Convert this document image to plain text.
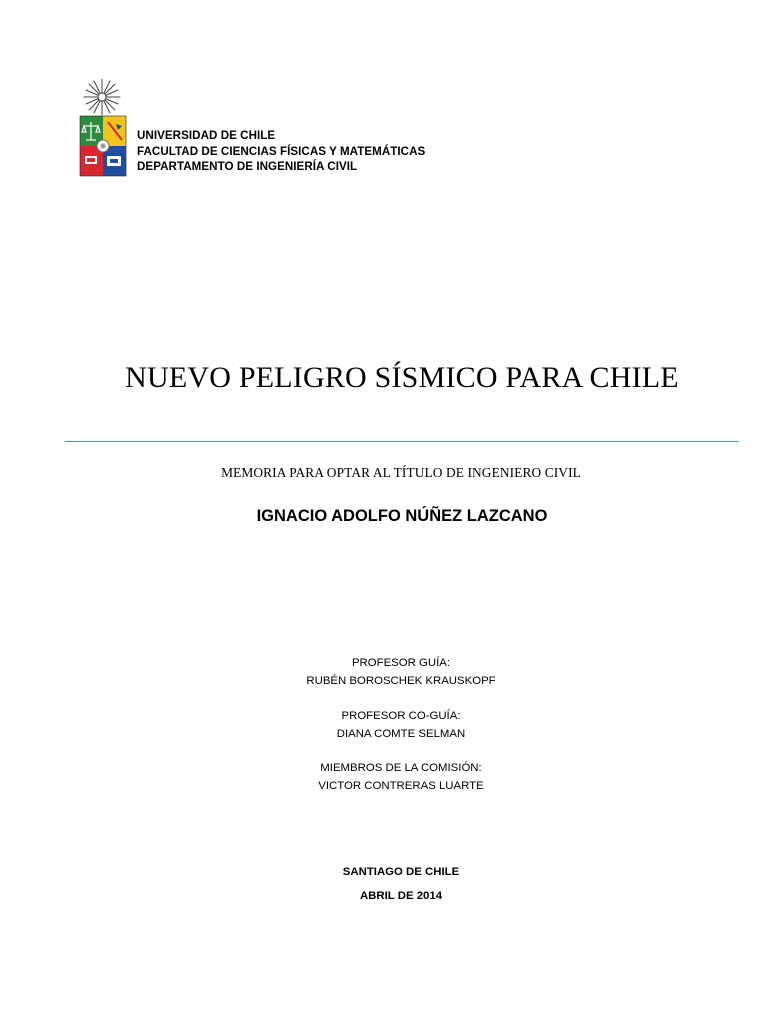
UNIVERSIDAD DE CHILE
FACULTAD DE CIENCIAS FÍSICAS Y MATEMÁTICAS
DEPARTAMENTO DE INGENIERÍA CIVIL
NUEVO PELIGRO SÍSMICO PARA CHILE
MEMORIA PARA OPTAR AL TÍTULO DE INGENIERO CIVIL
IGNACIO ADOLFO NÚÑEZ LAZCANO
PROFESOR GUÍA:
RUBÉN BOROSCHEK KRAUSKOPF
PROFESOR CO-GUÍA:
DIANA COMTE SELMAN
MIEMBROS DE LA COMISIÓN:
VICTOR CONTRERAS LUARTE
SANTIAGO DE CHILE
ABRIL DE 2014
